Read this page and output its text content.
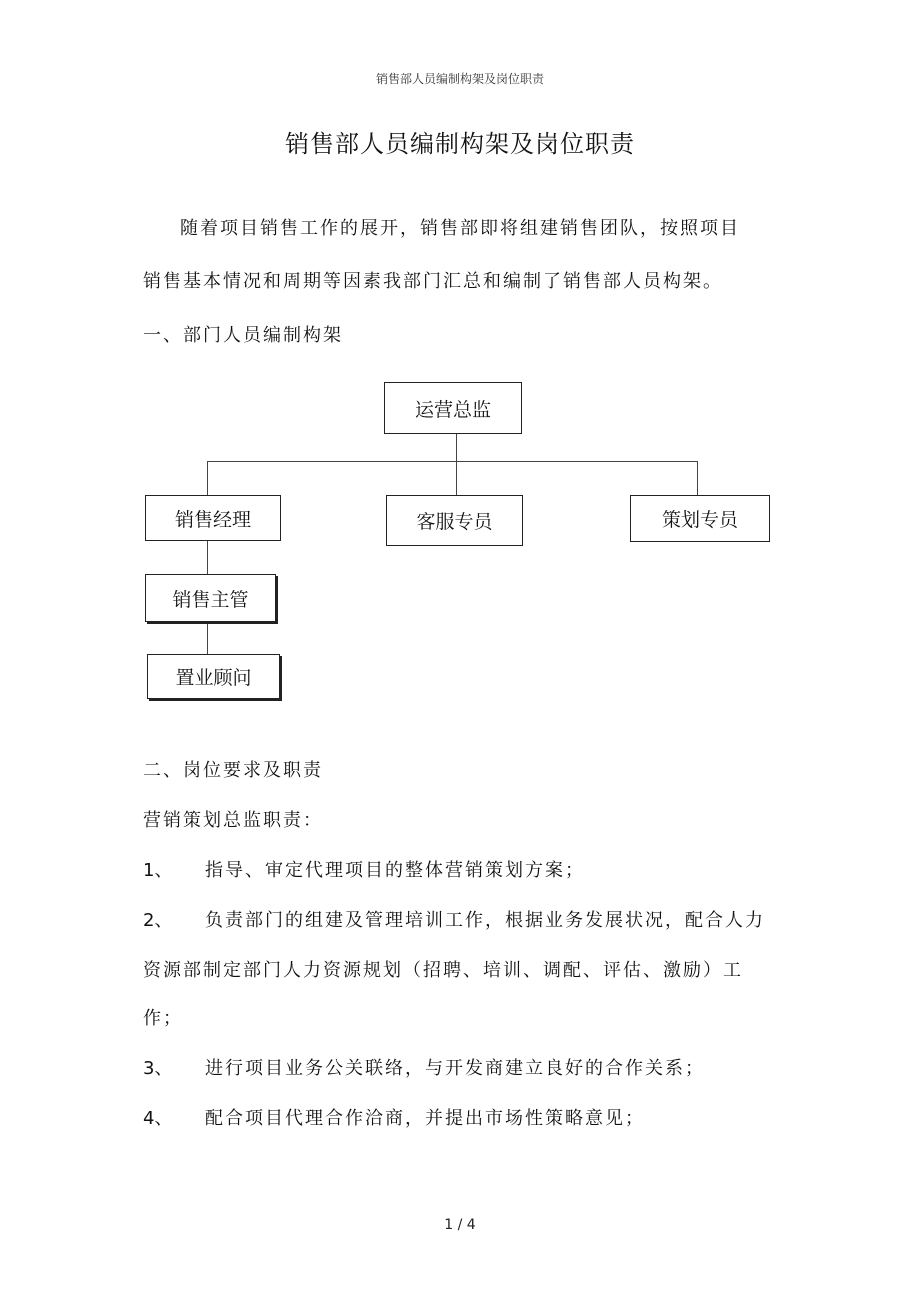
销售部人员编制构架及岗位职责
销售部人员编制构架及岗位职责
随着项目销售工作的展开，销售部即将组建销售团队，按照项目
销售基本情况和周期等因素我部门汇总和编制了销售部人员构架。
一、部门人员编制构架
运营总监
销售经理	客服专员	策划专员
销售主管
置业顾问
二、岗位要求及职责
营销策划总监职责：
1、 指导、审定代理项目的整体营销策划方案；
2、 负责部门的组建及管理培训工作，根据业务发展状况，配合人力
资源部制定部门人力资源规划（招聘、培训、调配、评估、激励）工
作；
3、 进行项目业务公关联络，与开发商建立良好的合作关系；
4、 配合项目代理合作洽商，并提出市场性策略意见；
1 / 4
